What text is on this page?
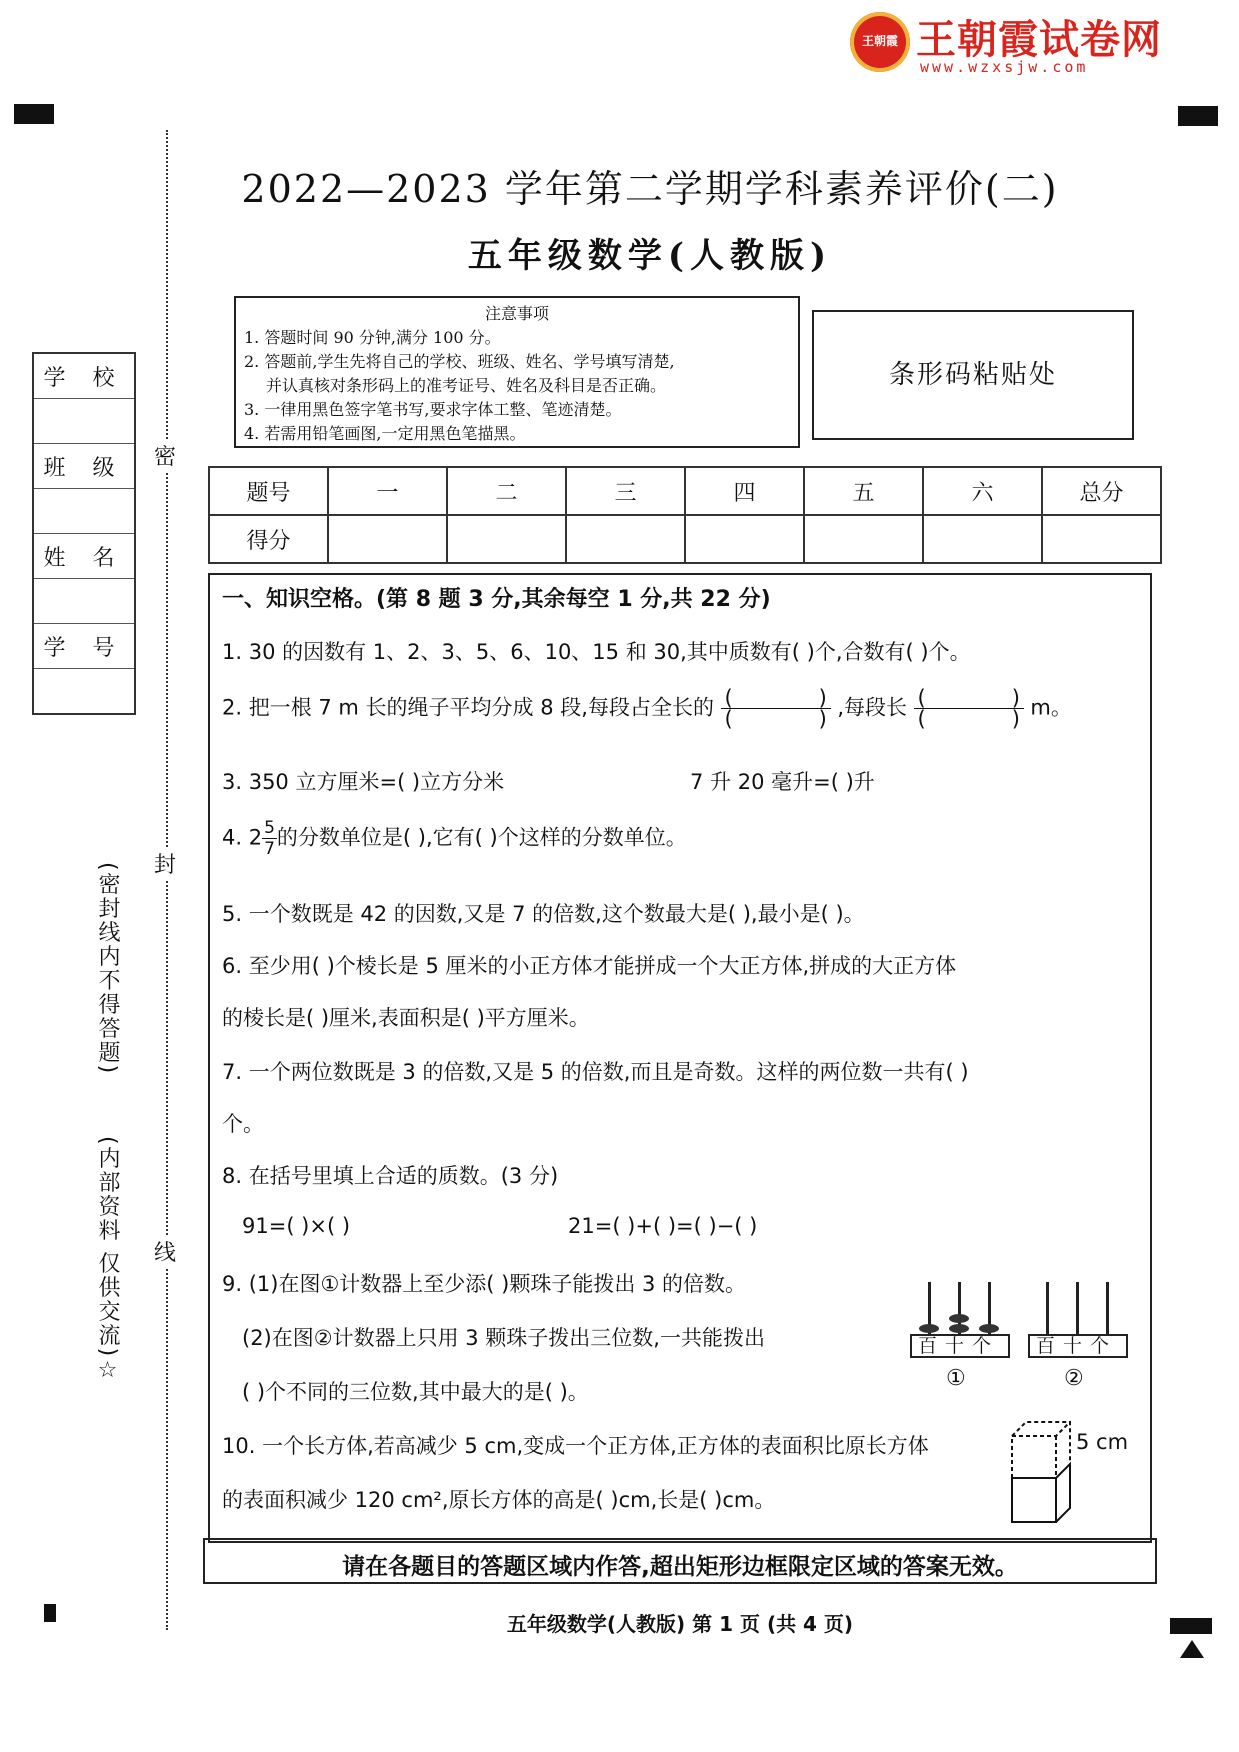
王朝霞 王朝霞试卷网
www.wzxsjw.com
2022—2023 学年第二学期学科素养评价(二)
五年级数学(人教版)
注意事项
1. 答题时间 90 分钟,满分 100 分。
2. 答题前,学生先将自己的学校、班级、姓名、学号填写清楚,
并认真核对条形码上的准考证号、姓名及科目是否正确。
3. 一律用黑色签字笔书写,要求字体工整、笔迹清楚。
4. 若需用铅笔画图,一定用黑色笔描黑。
条形码粘贴处
题号	一	二	三	四	五	六	总分
得分							
学 校

班 级

姓 名

学 号

(密封线内不得答题)
(内部资料 仅供交流)☆
密
封
线
一、知识空格。(第 8 题 3 分,其余每空 1 分,共 22 分)
1. 30 的因数有 1、2、3、5、6、10、15 和 30,其中质数有( )个,合数有( )个。
2. 把一根 7 m 长的绳子平均分成 8 段,每段占全长的 (	)
(	) ,每段长 (	)
(	) m。
3. 350 立方厘米=( )立方分米	7 升 20 毫升=( )升
4. $2 \frac{5}{7}$ 的分数单位是( ),它有( )个这样的分数单位。
5. 一个数既是 42 的因数,又是 7 的倍数,这个数最大是( ),最小是( )。
6. 至少用( )个棱长是 5 厘米的小正方体才能拼成一个大正方体,拼成的大正方体
的棱长是( )厘米,表面积是( )平方厘米。
7. 一个两位数既是 3 的倍数,又是 5 的倍数,而且是奇数。这样的两位数一共有( )
个。
8. 在括号里填上合适的质数。(3 分)
91=( )×( )	21=( )+( )=( )−( )
9. (1)在图①计数器上至少添( )颗珠子能拨出 3 的倍数。
(2)在图②计数器上只用 3 颗珠子拨出三位数,一共能拨出
( )个不同的三位数,其中最大的是( )。
百十个
①
百十个
②
10. 一个长方体,若高减少 5 cm,变成一个正方体,正方体的表面积比原长方体
的表面积减少 120 cm²,原长方体的高是( )cm,长是( )cm。
5 cm
请在各题目的答题区域内作答,超出矩形边框限定区域的答案无效。
五年级数学(人教版) 第 1 页 (共 4 页)
